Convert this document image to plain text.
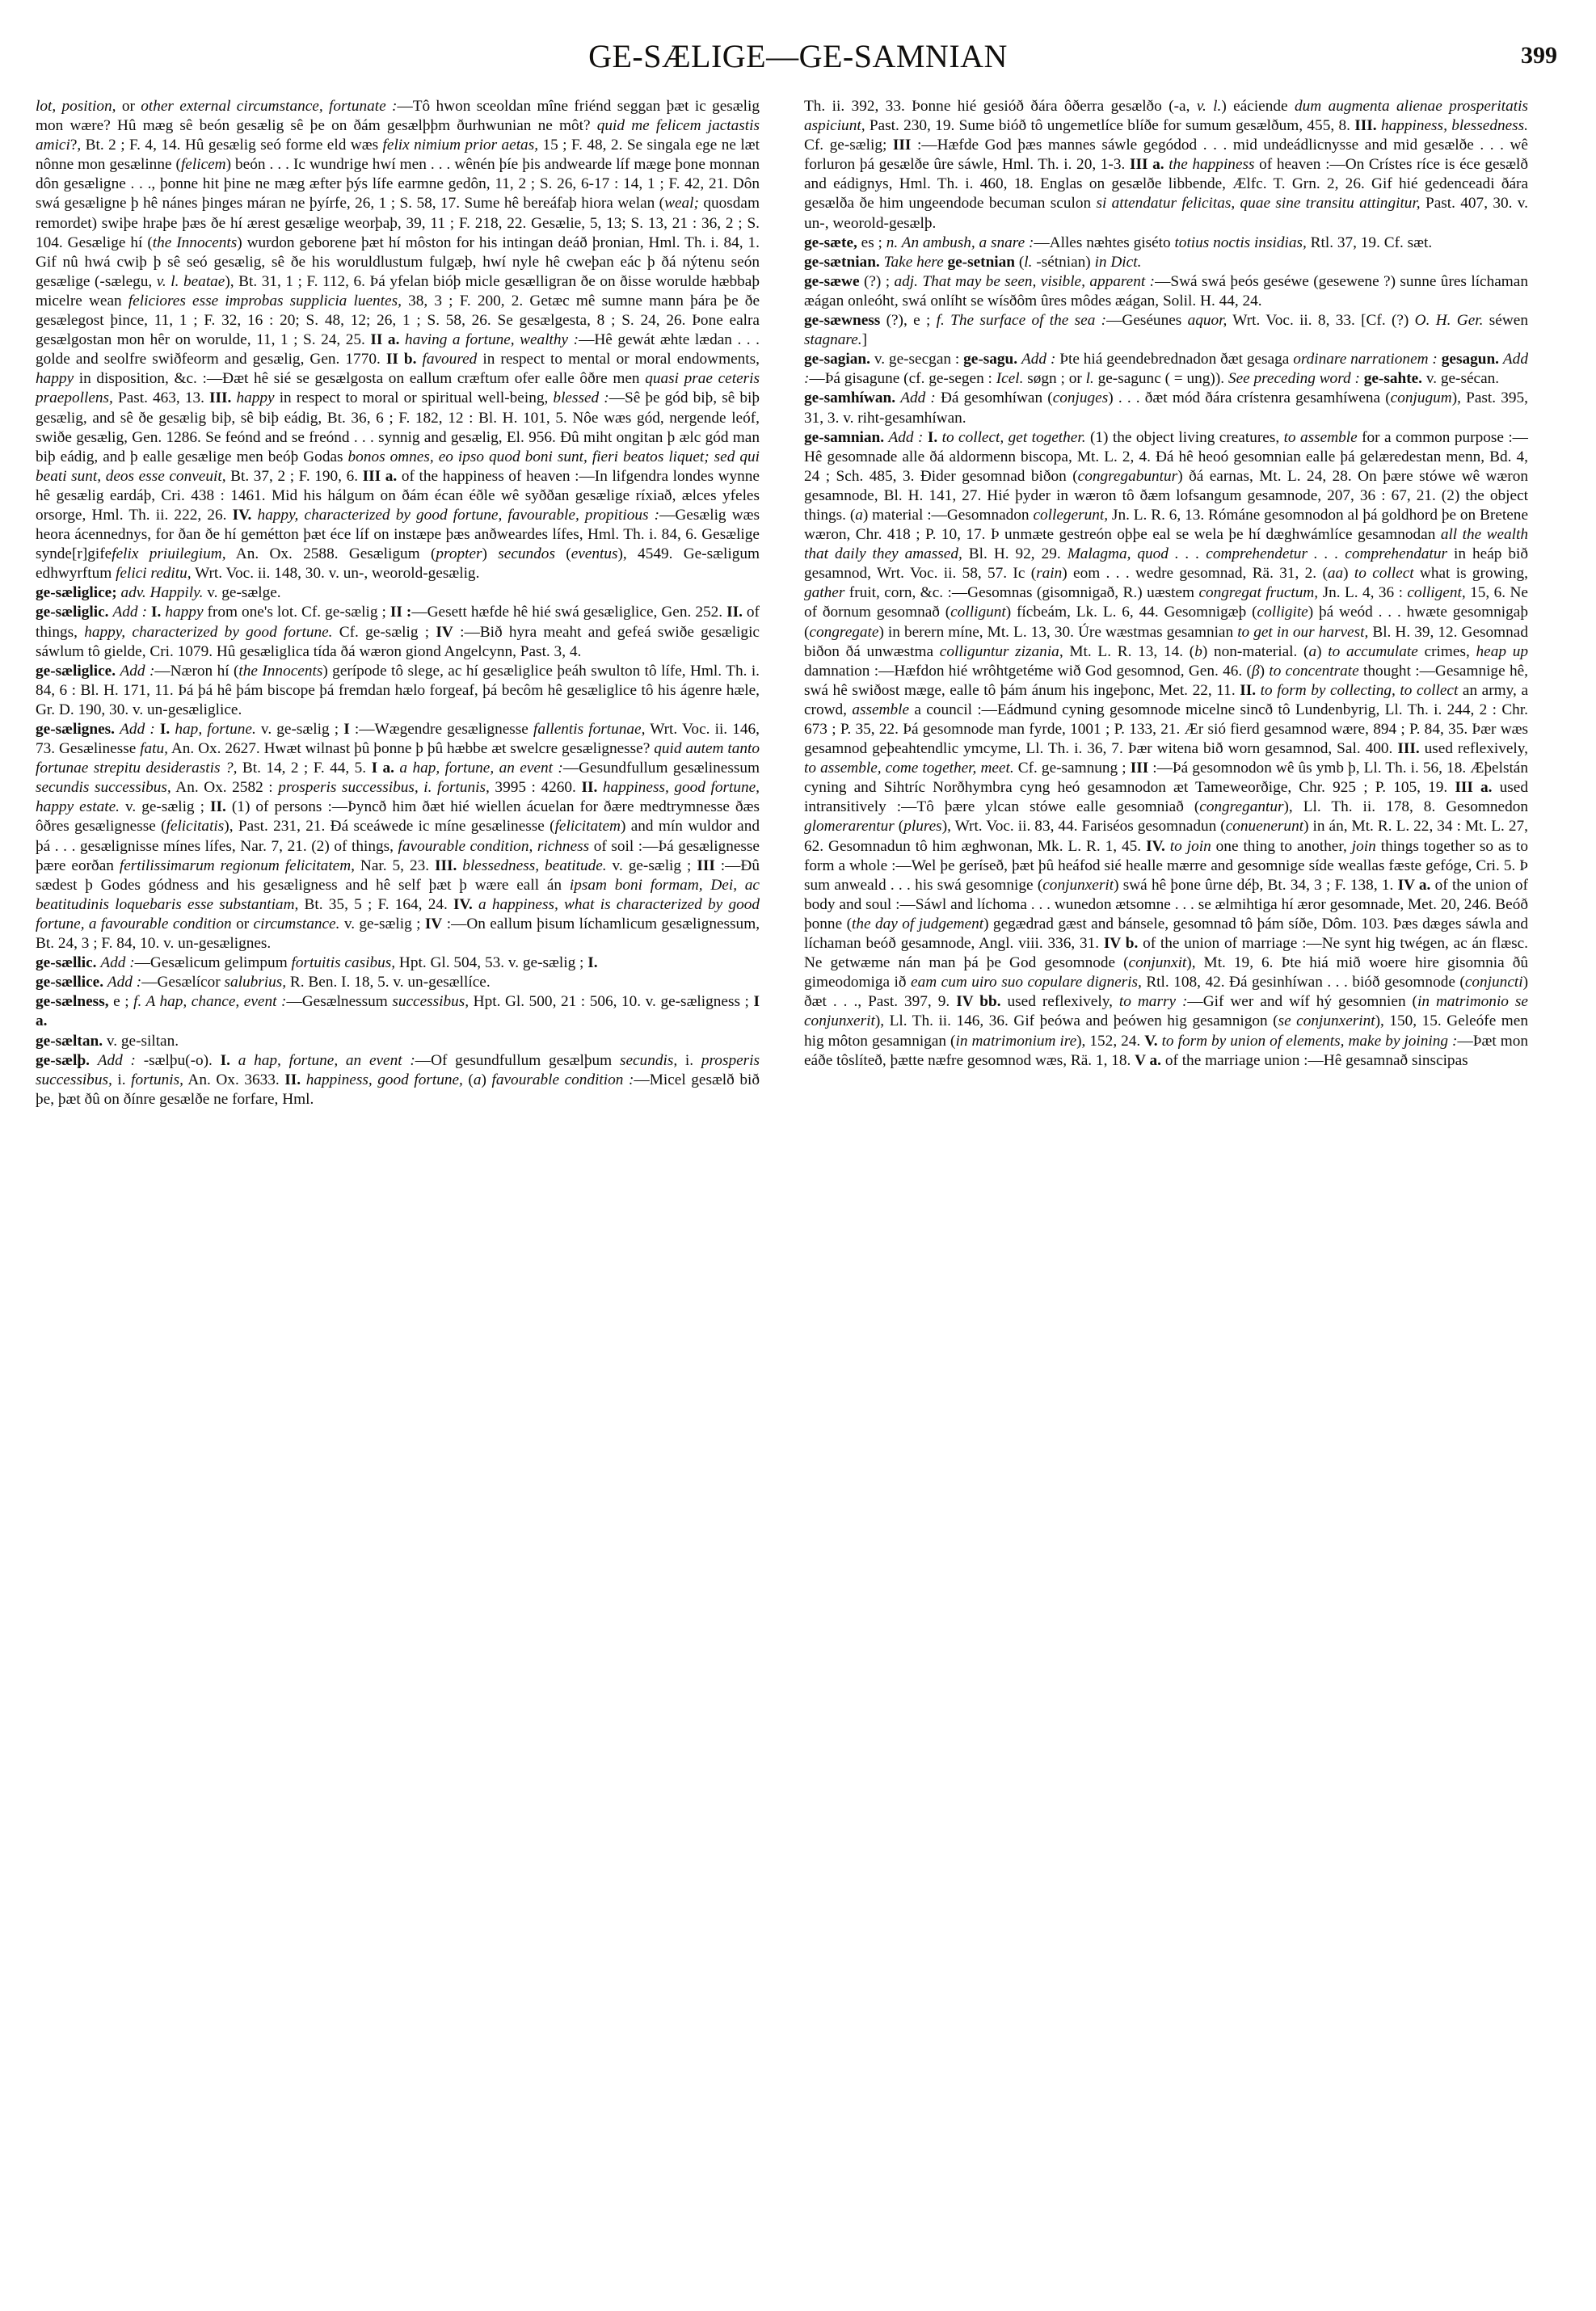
GE-SÆLIGE—GE-SAMNIAN	399

lot, position, or other external circumstance, fortunate :—Tô hwon sceoldan mîne friénd seggan þæt ic gesælig mon wære? Hû mæg sê beón gesælig sê þe on ðám gesælþþm ðurhwunian ne môt? quid me felicem jactastis amici?, Bt. 2 ; F. 4, 14. Hû gesælig seó forme eld wæs felix nimium prior aetas, 15 ; F. 48, 2. Se singala ege ne læt nônne mon gesælinne (felicem) beón . . . Ic wundrige hwí men . . . wênén þíe þis andwearde líf mæge þone monnan dôn gesæligne . . ., þonne hit þine ne mæg æfter þýs lífe earmne gedôn, 11, 2 ; S. 26, 6-17 : 14, 1 ; F. 42, 21. Dôn swá gesæligne þ hê nánes þinges máran ne þyírfe, 26, 1 ; S. 58, 17. Sume hê bereáfaþ hiora welan (weal; quosdam remordet) swiþe hraþe þæs ðe hí ærest gesælige weorþaþ, 39, 11 ; F. 218, 22. Gesælie, 5, 13; S. 13, 21 : 36, 2 ; S. 104. Gesælige hí (the Innocents) wurdon geborene þæt hí môston for his intingan deáð þronian, Hml. Th. i. 84, 1. Gif nû hwá cwiþ þ sê seó gesælig, sê ðe his woruldlustum fulgæþ, hwí nyle hê cweþan eác þ ðá nýtenu seón gesælige (-sælegu, v. l. beatae), Bt. 31, 1 ; F. 112, 6. Þá yfelan bióþ micle gesælligran ðe on ðisse worulde hæbbaþ micelre wean feliciores esse improbas supplicia luentes, 38, 3 ; F. 200, 2. Getæc mê sumne mann þára þe ðe gesælegost þince, 11, 1 ; F. 32, 16 : 20; S. 48, 12; 26, 1 ; S. 58, 26. Se gesælgesta, 8 ; S. 24, 26. Þone ealra gesælgostan mon hêr on worulde, 11, 1 ; S. 24, 25. II a. having a fortune, wealthy :—Hê gewát æhte lædan . . . golde and seolfre swiðfeorm and gesælig, Gen. 1770. II b. favoured in respect to mental or moral endowments, happy in disposition, &c. :—Ðæt hê sié se gesælgosta on eallum cræftum ofer ealle ôðre men quasi prae ceteris praepollens, Past. 463, 13. III. happy in respect to moral or spiritual well-being, blessed :—Sê þe gód biþ, sê biþ gesælig, and sê ðe gesælig biþ, sê biþ eádig, Bt. 36, 6 ; F. 182, 12 : Bl. H. 101, 5. Nôe wæs gód, nergende leóf, swiðe gesælig, Gen. 1286. Se feónd and se freónd . . . synnig and gesælig, El. 956. Ðû miht ongitan þ ælc gód man biþ eádig, and þ ealle gesælige men beóþ Godas bonos omnes, eo ipso quod boni sunt, fieri beatos liquet; sed qui beati sunt, deos esse conveuit, Bt. 37, 2 ; F. 190, 6. III a. of the happiness of heaven :—In lifgendra londes wynne hê gesælig eardáþ, Cri. 438 : 1461. Mid his hálgum on ðám écan éðle wê syððan gesælige ríxiað, ælces yfeles orsorge, Hml. Th. ii. 222, 26. IV. happy, characterized by good fortune, favourable, propitious :—Gesælig wæs heora ácennednys, for ðan ðe hí gemétton þæt éce líf on instæpe þæs anðweardes lífes, Hml. Th. i. 84, 6. Gesælige synde[r]gifefelix priuilegium, An. Ox. 2588. Gesæligum (propter) secundos (eventus), 4549. Ge-sæligum edhwyrftum felici reditu, Wrt. Voc. ii. 148, 30. v. un-, weorold-gesælig.

ge-sæliglice; adv. Happily. v. ge-sælge.

ge-sæliglic. Add : I. happy from one's lot. Cf. ge-sælig ; II :—Gesett hæfde hê hié swá gesæliglice, Gen. 252. II. of things, happy, characterized by good fortune. Cf. ge-sælig ; IV :—Bið hyra meaht and gefeá swiðe gesæligic sáwlum tô gielde, Cri. 1079. Hû gesæliglica tída ðá wæron giond Angelcynn, Past. 3, 4.

ge-sæliglice. Add :—Næron hí (the Innocents) gerípode tô slege, ac hí gesæliglice þeáh swulton tô lífe, Hml. Th. i. 84, 6 : Bl. H. 171, 11. Þá þá hê þám biscope þá fremdan hælo forgeaf, þá becôm hê gesæliglice tô his ágenre hæle, Gr. D. 190, 30. v. un-gesæliglice.

ge-sælignes. Add : I. hap, fortune. v. ge-sælig ; I :—Wægendre gesælignesse fallentis fortunae, Wrt. Voc. ii. 146, 73. Gesælinesse fatu, An. Ox. 2627. Hwæt wilnast þû þonne þ þû hæbbe æt swelcre gesælignesse? quid autem tanto fortunae strepitu desiderastis ?, Bt. 14, 2 ; F. 44, 5. I a. a hap, fortune, an event :—Gesundfullum gesælinessum secundis successibus, An. Ox. 2582 : prosperis successibus, i. fortunis, 3995 : 4260. II. happiness, good fortune, happy estate. v. ge-sælig ; II. (1) of persons :—Þyncð him ðæt hié wiellen ácuelan for ðære medtrymnesse ðæs ôðres gesælignesse (felicitatis), Past. 231, 21. Ðá sceáwede ic míne gesælinesse (felicitatem) and mín wuldor and þá . . . gesælignisse mínes lífes, Nar. 7, 21. (2) of things, favourable condition, richness of soil :—Þá gesælignesse þære eorðan fertilissimarum regionum felicitatem, Nar. 5, 23. III. blessedness, beatitude. v. ge-sælig ; III :—Ðû sædest þ Godes gódness and his gesæligness and hê self þæt þ wære eall án ipsam boni formam, Dei, ac beatitudinis loquebaris esse substantiam, Bt. 35, 5 ; F. 164, 24. IV. a happiness, what is characterized by good fortune, a favourable condition or circumstance. v. ge-sælig ; IV :—On eallum þisum líchamlicum gesælignessum, Bt. 24, 3 ; F. 84, 10. v. un-gesælignes.

ge-sællic. Add :—Gesælicum gelimpum fortuitis casibus, Hpt. Gl. 504, 53. v. ge-sælig ; I.

ge-sællice. Add :—Gesælícor salubrius, R. Ben. I. 18, 5. v. un-gesællíce.

ge-sælness, e ; f. A hap, chance, event :—Gesælnessum successibus, Hpt. Gl. 500, 21 : 506, 10. v. ge-sæligness ; I a.

ge-sæltan. v. ge-siltan.

ge-sælþ. Add : -sælþu(-o). I. a hap, fortune, an event :—Of gesundfullum gesælþum secundis, i. prosperis successibus, i. fortunis, An. Ox. 3633. II. happiness, good fortune, (a) favourable condition :—Micel gesælð bið þe, þæt ðû on ðínre gesælðe ne forfare, Hml.

Th. ii. 392, 33. Þonne hié gesióð ðára ôðerra gesælðo (-a, v. l.) eáciende dum augmenta alienae prosperitatis aspiciunt, Past. 230, 19. Sume bióð tô ungemetlíce blíðe for sumum gesælðum, 455, 8. III. happiness, blessedness. Cf. ge-sælig; III :—Hæfde God þæs mannes sáwle gegódod . . . mid undeádlicnysse and mid gesælðe . . . wê forluron þá gesælðe ûre sáwle, Hml. Th. i. 20, 1-3. III a. the happiness of heaven :—On Crístes ríce is éce gesælð and eádignys, Hml. Th. i. 460, 18. Englas on gesælðe libbende, Ælfc. T. Grn. 2, 26. Gif hié gedenceadi ðára gesælða ðe him ungeendode becuman sculon si attendatur felicitas, quae sine transitu attingitur, Past. 407, 30. v. un-, weorold-gesælþ.

ge-sæte, es ; n. An ambush, a snare :—Alles næhtes giséto totius noctis insidias, Rtl. 37, 19. Cf. sæt.

ge-sætnian. Take here ge-setnian (l. -sétnian) in Dict.

ge-sæwe (?) ; adj. That may be seen, visible, apparent :—Swá swá þeós geséwe (gesewene ?) sunne ûres líchaman æágan onleóht, swá onlíht se wísðôm ûres môdes æágan, Solil. H. 44, 24.

ge-sæwness (?), e ; f. The surface of the sea :—Geséunes aquor, Wrt. Voc. ii. 8, 33. [Cf. (?) O. H. Ger. séwen stagnare.]

ge-sagian. v. ge-secgan : ge-sagu. Add : Þte hiá geendebrednadon ðæt gesaga ordinare narrationem : gesagun. Add :—Þá gisagune (cf. ge-segen : Icel. søgn ; or l. ge-sagunc ( = ung)). See preceding word : ge-sahte. v. ge-sécan.

ge-samhíwan. Add : Ðá gesomhíwan (conjuges) . . . ðæt mód ðára crístenra gesamhíwena (conjugum), Past. 395, 31, 3. v. riht-gesamhíwan.

ge-samnian. Add : I. to collect, get together. (1) the object living creatures, to assemble for a common purpose :—Hê gesomnade alle ðá aldormenn biscopa, Mt. L. 2, 4. Ðá hê heoó gesomnian ealle þá gelæredestan menn, Bd. 4, 24 ; Sch. 485, 3. Ðider gesomnad biðon (congregabuntur) ðá earnas, Mt. L. 24, 28. On þære stówe wê wæron gesamnode, Bl. H. 141, 27. Hié þyder in wæron tô ðæm lofsangum gesamnode, 207, 36 : 67, 21. (2) the object things. (a) material :—Gesomnadon collegerunt, Jn. L. R. 6, 13. Rómáne gesomnodon al þá goldhord þe on Bretene wæron, Chr. 418 ; P. 10, 17. Þ unmæte gestreón oþþe eal se wela þe hí dæghwámlíce gesamnodan all the wealth that daily they amassed, Bl. H. 92, 29. Malagma, quod . . . comprehendetur . . . comprehendatur in heáp bið gesamnod, Wrt. Voc. ii. 58, 57. Ic (rain) eom . . . wedre gesomnad, Rä. 31, 2. (aa) to collect what is growing, gather fruit, corn, &c. :—Gesomnas (gisomnigað, R.) uæstem congregat fructum, Jn. L. 4, 36 : colligent, 15, 6. Ne of ðornum gesomnað (colligunt) fícbeám, Lk. L. 6, 44. Gesomnigæþ (colligite) þá weód . . . hwæte gesomnigaþ (congregate) in berern míne, Mt. L. 13, 30. Úre wæstmas gesamnian to get in our harvest, Bl. H. 39, 12. Gesomnad biðon ðá unwæstma colliguntur zizania, Mt. L. R. 13, 14. (b) non-material. (a) to accumulate crimes, heap up damnation :—Hæfdon hié wrôhtgetéme wið God gesomnod, Gen. 46. (β) to concentrate thought :—Gesamnige hê, swá hê swiðost mæge, ealle tô þám ánum his ingeþonc, Met. 22, 11. II. to form by collecting, to collect an army, a crowd, assemble a council :—Eádmund cyning gesomnode micelne sincð tô Lundenbyrig, Ll. Th. i. 244, 2 : Chr. 673 ; P. 35, 22. Þá gesomnode man fyrde, 1001 ; P. 133, 21. Ær sió fierd gesamnod wære, 894 ; P. 84, 35. Þær wæs gesamnod geþeahtendlic ymcyme, Ll. Th. i. 36, 7. Þær witena bið worn gesamnod, Sal. 400. III. used reflexively, to assemble, come together, meet. Cf. ge-samnung ; III :—Þá gesomnodon wê ûs ymb þ, Ll. Th. i. 56, 18. Æþelstán cyning and Sihtríc Norðhymbra cyng heó gesamnodon æt Tameweorðige, Chr. 925 ; P. 105, 19. III a. used intransitively :—Tô þære ylcan stówe ealle gesomniað (congregantur), Ll. Th. ii. 178, 8. Gesomnedon glomerarentur (plures), Wrt. Voc. ii. 83, 44. Fariséos gesomnadun (conuenerunt) in án, Mt. R. L. 22, 34 : Mt. L. 27, 62. Gesomnadun tô him æghwonan, Mk. L. R. 1, 45. IV. to join one thing to another, join things together so as to form a whole :—Wel þe geríseð, þæt þû heáfod sié healle mærre and gesomnige síde weallas fæste gefóge, Cri. 5. Þ sum anweald . . . his swá gesomnige (conjunxerit) swá hê þone ûrne déþ, Bt. 34, 3 ; F. 138, 1. IV a. of the union of body and soul :—Sáwl and líchoma . . . wunedon ætsomne . . . se ælmihtiga hí æror gesomnade, Met. 20, 246. Beóð þonne (the day of judgement) gegædrad gæst and bánsele, gesomnad tô þám síðe, Dôm. 103. Þæs dæges sáwla and líchaman beóð gesamnode, Angl. viii. 336, 31. IV b. of the union of marriage :—Ne synt hig twégen, ac án flæsc. Ne getwæme nán man þá þe God gesomnode (conjunxit), Mt. 19, 6. Þte hiá mið woere hire gisomnia ðû gimeodomiga ið eam cum uiro suo copulare digneris, Rtl. 108, 42. Ðá gesinhíwan . . . bióð gesomnode (conjuncti) ðæt . . ., Past. 397, 9. IV bb. used reflexively, to marry :—Gif wer and wíf hý gesomnien (in matrimonio se conjunxerit), Ll. Th. ii. 146, 36. Gif þeówa and þeówen hig gesamnigon (se conjunxerint), 150, 15. Geleófe men hig môton gesamnigan (in matrimonium ire), 152, 24. V. to form by union of elements, make by joining :—Þæt mon eáðe tôslíteð, þætte næfre gesomnod wæs, Rä. 1, 18. V a. of the marriage union :—Hê gesamnað sinscipas
